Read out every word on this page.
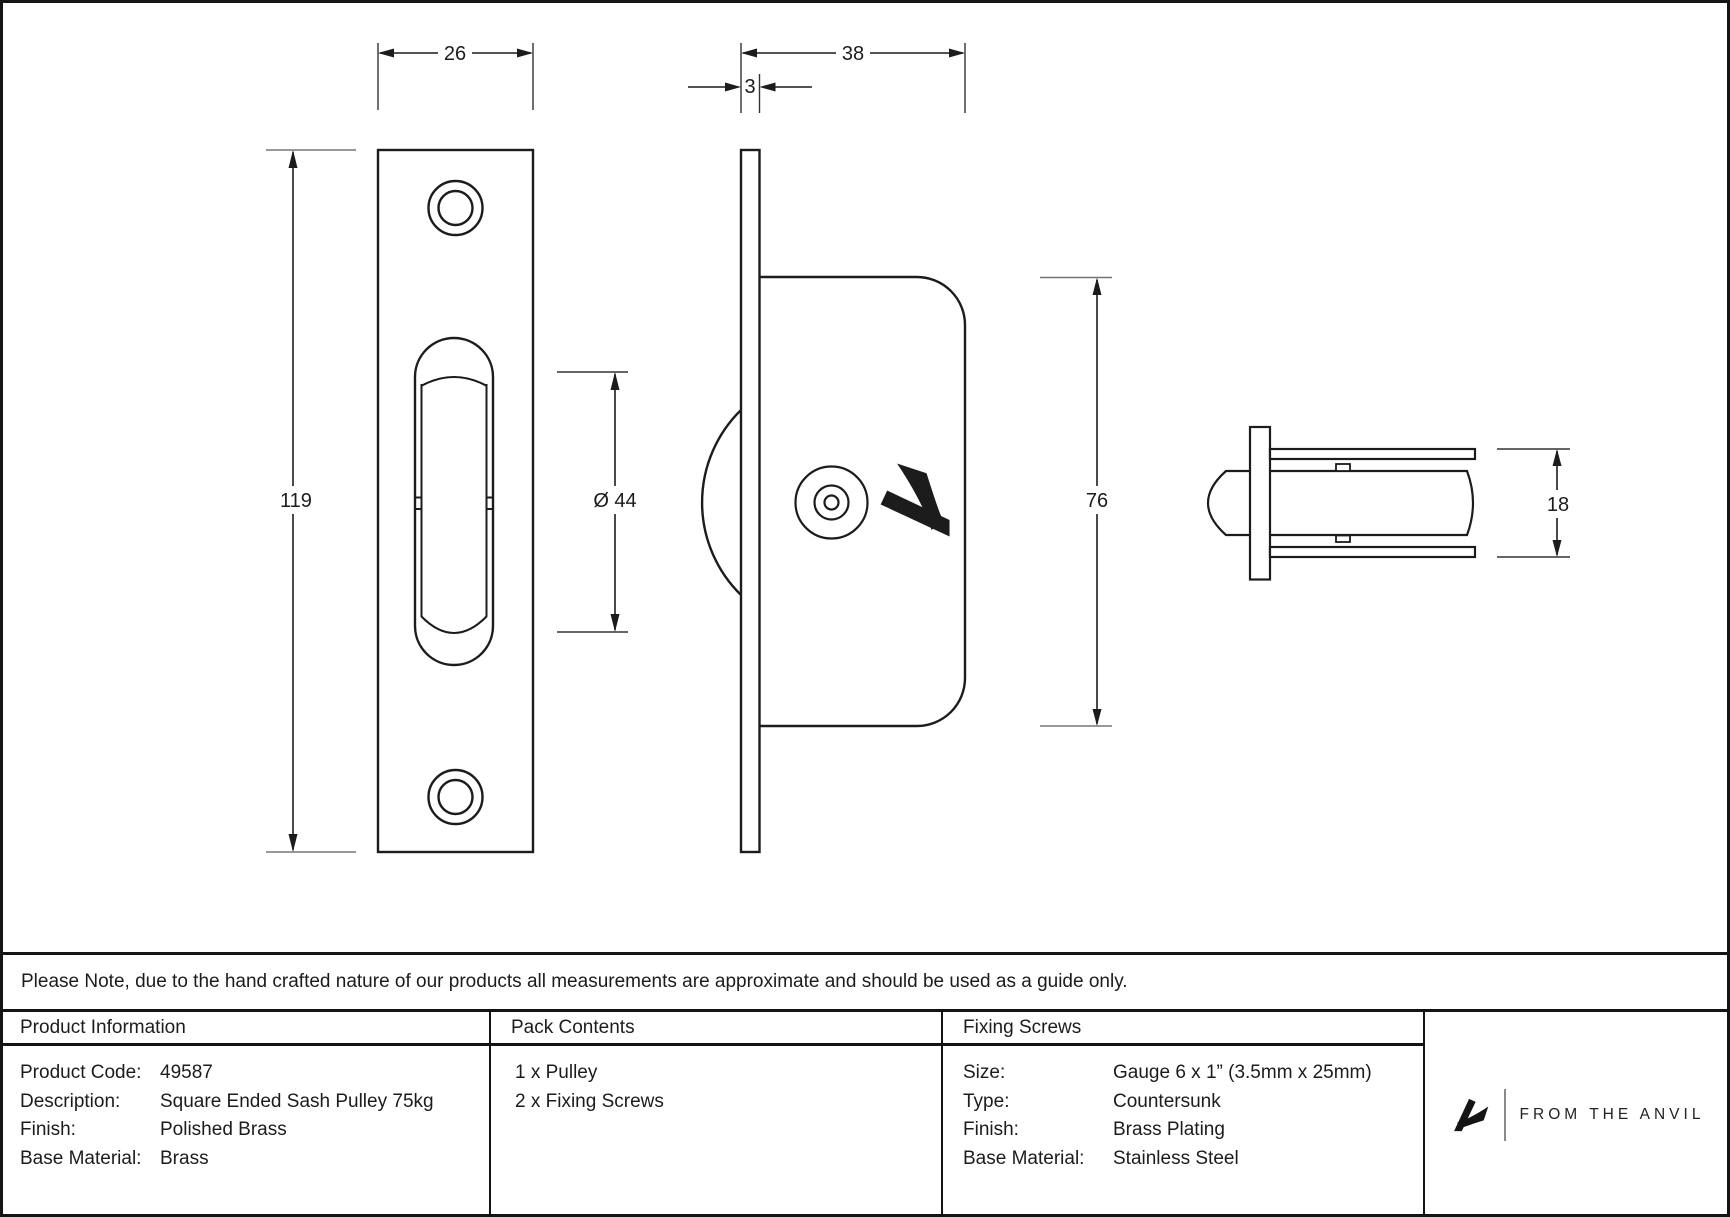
26
119	Ø 44
38
3
76	18
Please Note, due to the hand crafted nature of our products all measurements are approximate and should be used as a guide only.
Product Information	Pack Contents	Fixing Screws
FROM THE ANVIL
Product Code: 49587
Description:	Square Ended Sash Pulley 75kg
Finish:	Polished Brass
Base Material: Brass
1 x Pulley
2 x Fixing Screws
Size:	Gauge 6 x 1” (3.5mm x 25mm)
Type:	Countersunk
Finish:	Brass Plating
Base Material:	Stainless Steel
